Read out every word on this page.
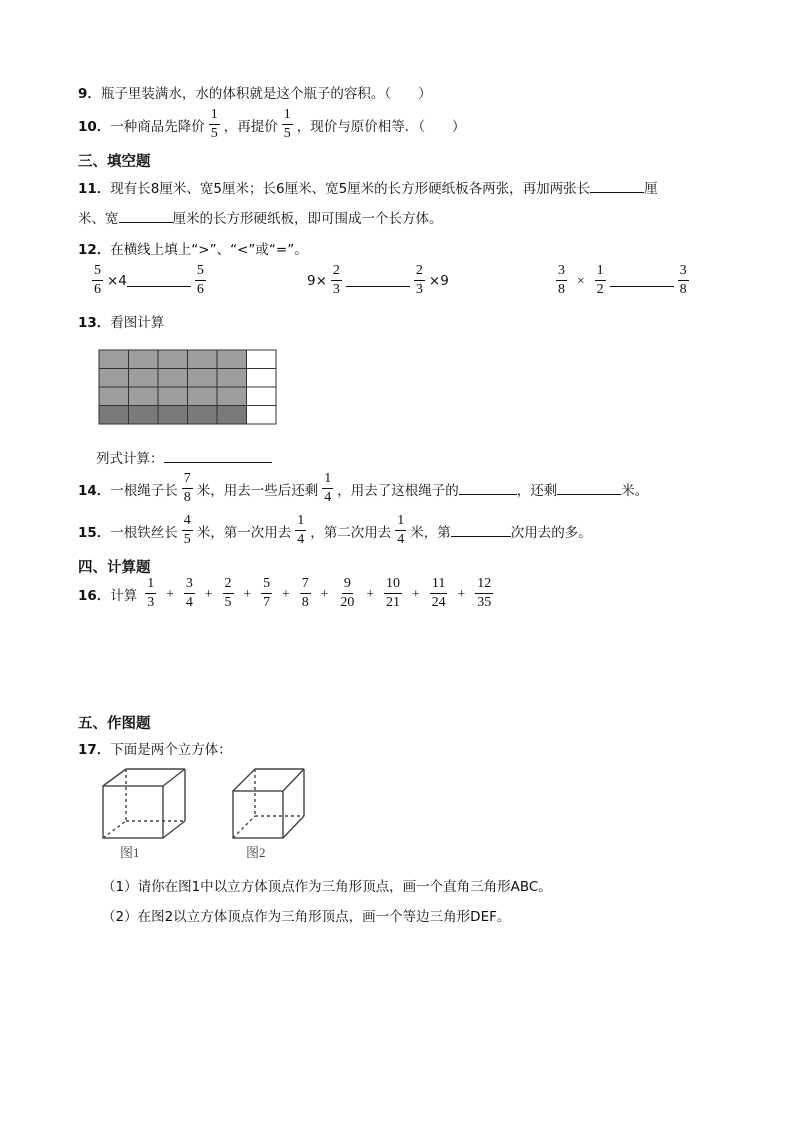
9．瓶子里装满水，水的体积就是这个瓶子的容积。（　　）
10． 一种商品先降价 $\frac{1}{5}$ ，再提价 $\frac{1}{5}$ ，现价与原价相等．（　　）
三、填空题
11．现有长8厘米、宽5厘米；长6厘米、宽5厘米的长方形硬纸板各两张，再加两张长	厘
米、宽	厘米的长方形硬纸板，即可围成一个长方体。
12．在横线上填上“>”、“<”或“=”。
$\frac{5}{6} \times 4$	$\frac{5}{6}$	$9\times \frac{2}{3}$	$\frac{2}{3} \times 9$	$\frac{3}{8} \times \frac{1}{2}$	$\frac{3}{8}$
13．看图计算
列式计算：
14． 一根绳子长 $\frac{7}{8}$ 米，用去一些后还剩 $\frac{1}{4}$ ，用去了这根绳子的	，还剩	米。
15． 一根铁丝长 $\frac{4}{5}$ 米，第一次用去 $\frac{1}{4}$ ，第二次用去 $\frac{1}{4}$ 米，第	次用去的多。
四、计算题
16． 计算 $\frac{1}{3} + \frac{3}{4} + \frac{2}{5} + \frac{5}{7} + \frac{7}{8} + \frac{9}{20} + \frac{10}{21} + \frac{11}{24} + \frac{12}{35}$
五、作图题
17．下面是两个立方体：
图1	图2
（1）请你在图1中以立方体顶点作为三角形顶点，画一个直角三角形ABC。
（2）在图2以立方体顶点作为三角形顶点，画一个等边三角形DEF。
